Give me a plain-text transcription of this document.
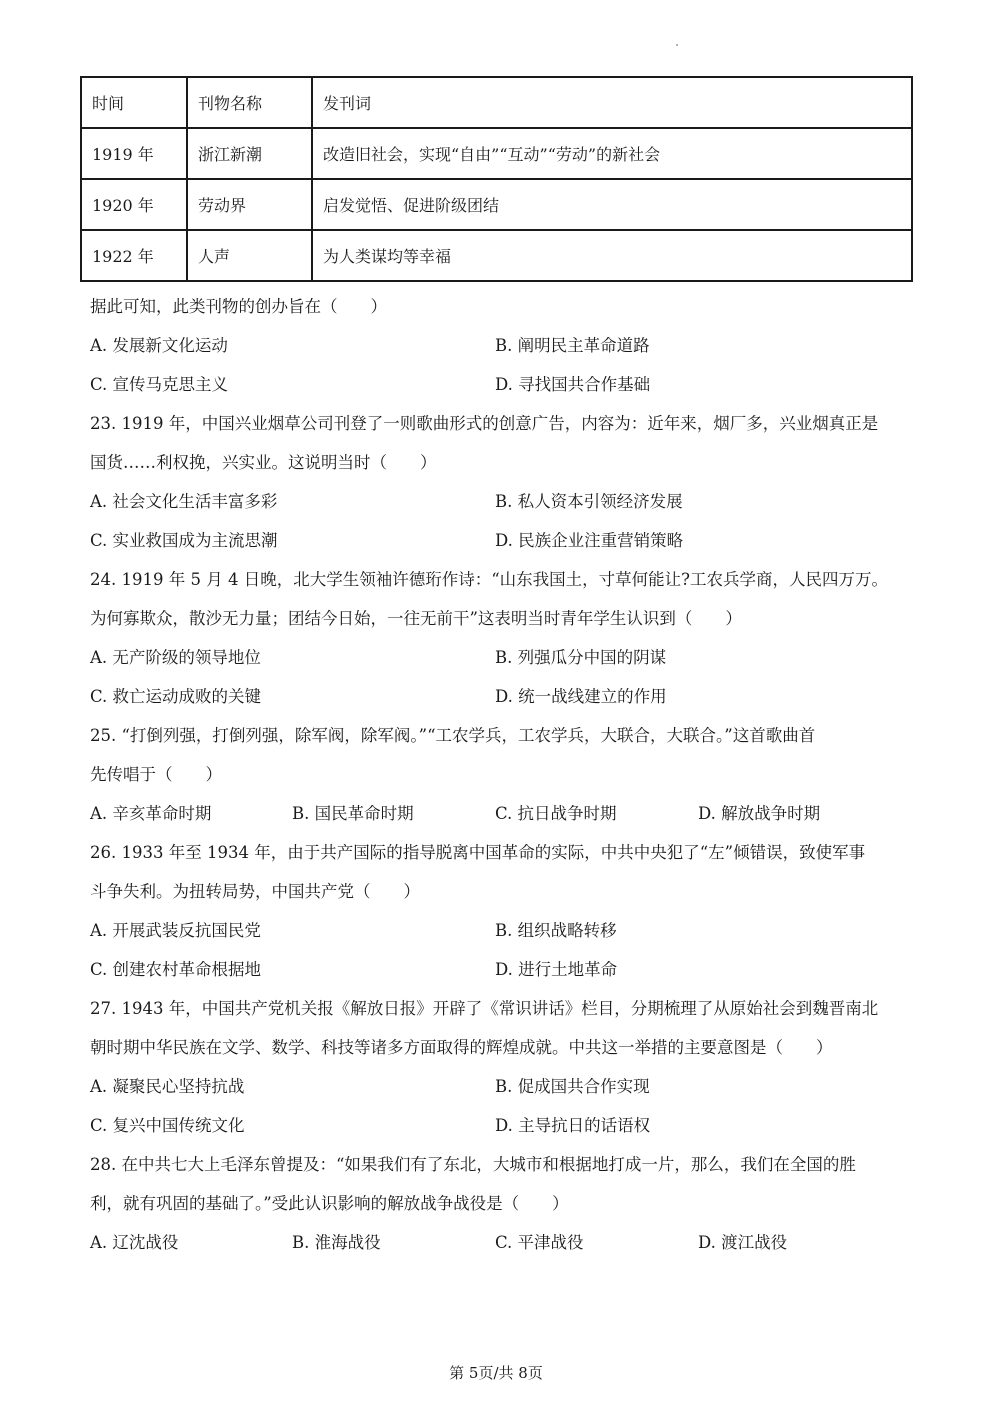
时间	刊物名称	发刊词
1919 年	浙江新潮	改造旧社会，实现“自由”“互动”“劳动”的新社会
1920 年	劳动界	启发觉悟、促进阶级团结
1922 年	人声	为人类谋均等幸福
据此可知，此类刊物的创办旨在（　　）
A. 发展新文化运动	B. 阐明民主革命道路
C. 宣传马克思主义	D. 寻找国共合作基础
23. 1919 年，中国兴业烟草公司刊登了一则歌曲形式的创意广告，内容为：近年来，烟厂多，兴业烟真正是
国货……利权挽，兴实业。这说明当时（　　）
A. 社会文化生活丰富多彩	B. 私人资本引领经济发展
C. 实业救国成为主流思潮	D. 民族企业注重营销策略
24. 1919 年 5 月 4 日晚，北大学生领袖许德珩作诗：“山东我国土，寸草何能让?工农兵学商，人民四万万。
为何寡欺众，散沙无力量；团结今日始，一往无前干”这表明当时青年学生认识到（　　）
A. 无产阶级的领导地位	B. 列强瓜分中国的阴谋
C. 救亡运动成败的关键	D. 统一战线建立的作用
25. “打倒列强，打倒列强，除军阀，除军阀。”“工农学兵，工农学兵，大联合，大联合。”这首歌曲首
先传唱于（　　）
A. 辛亥革命时期	B. 国民革命时期	C. 抗日战争时期	D. 解放战争时期
26. 1933 年至 1934 年，由于共产国际的指导脱离中国革命的实际，中共中央犯了“左”倾错误，致使军事
斗争失利。为扭转局势，中国共产党（　　）
A. 开展武装反抗国民党	B. 组织战略转移
C. 创建农村革命根据地	D. 进行土地革命
27. 1943 年，中国共产党机关报《解放日报》开辟了《常识讲话》栏目，分期梳理了从原始社会到魏晋南北
朝时期中华民族在文学、数学、科技等诸多方面取得的辉煌成就。中共这一举措的主要意图是（　　）
A. 凝聚民心坚持抗战	B. 促成国共合作实现
C. 复兴中国传统文化	D. 主导抗日的话语权
28. 在中共七大上毛泽东曾提及：“如果我们有了东北，大城市和根据地打成一片，那么，我们在全国的胜
利，就有巩固的基础了。”受此认识影响的解放战争战役是（　　）
A. 辽沈战役	B. 淮海战役	C. 平津战役	D. 渡江战役
第 5页/共 8页
